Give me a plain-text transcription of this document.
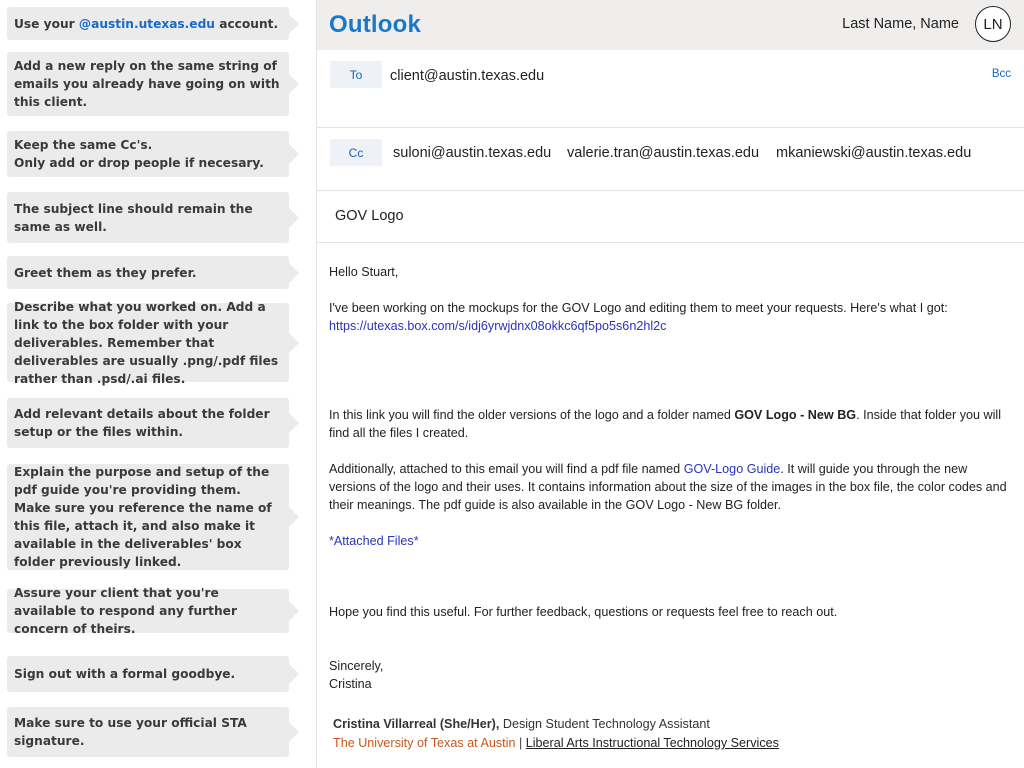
Use your @austin.utexas.edu account.
Add a new reply on the same string of emails you already have going on with this client.
Keep the same Cc's.
Only add or drop people if necesary.
The subject line should remain the same as well.
Greet them as they prefer.
Describe what you worked on. Add a link to the box folder with your deliverables. Remember that deliverables are usually .png/.pdf files rather than .psd/.ai files.
Add relevant details about the folder setup or the files within.
Explain the purpose and setup of the pdf guide you're providing them. Make sure you reference the name of this file, attach it, and also make it available in the deliverables' box folder previously linked.
Assure your client that you're available to respond any further concern of theirs.
Sign out with a formal goodbye.
Make sure to use your official STA signature.
Outlook	Last Name, Name	LN
To	client@austin.texas.edu	Bcc
Cc	suloni@austin.texas.edu valerie.tran@austin.texas.edu mkaniewski@austin.texas.edu
GOV Logo
Hello Stuart,
I've been working on the mockups for the GOV Logo and editing them to meet your requests. Here's what I got:
https://utexas.box.com/s/idj6yrwjdnx08okkc6qf5po5s6n2hl2c
In this link you will find the older versions of the logo and a folder named GOV Logo - New BG. Inside that folder you will find all the files I created.
Additionally, attached to this email you will find a pdf file named GOV-Logo Guide. It will guide you through the new versions of the logo and their uses. It contains information about the size of the images in the box file, the color codes and their meanings. The pdf guide is also available in the GOV Logo - New BG folder.
*Attached Files*
Hope you find this useful. For further feedback, questions or requests feel free to reach out.
Sincerely,
Cristina
Cristina Villarreal (She/Her), Design Student Technology Assistant
The University of Texas at Austin | Liberal Arts Instructional Technology Services
